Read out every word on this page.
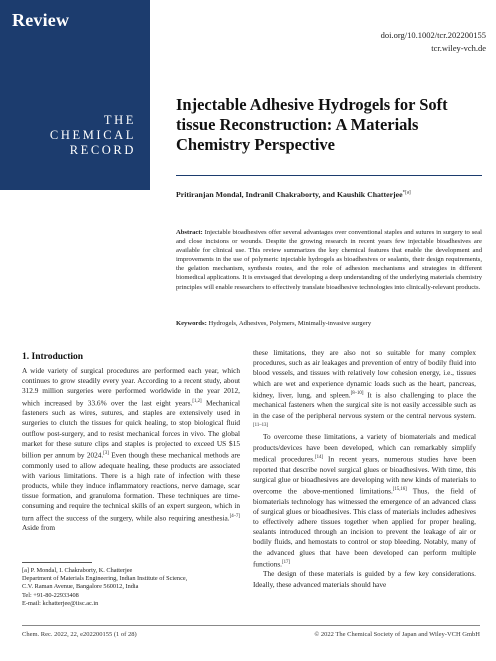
Review
THE
CHEMICAL
RECORD
doi.org/10.1002/tcr.202200155
tcr.wiley-vch.de
Injectable Adhesive Hydrogels for Soft tissue Reconstruction: A Materials Chemistry Perspective
Pritiranjan Mondal, Indranil Chakraborty, and Kaushik Chatterjee$^{*[a]}$
Abstract: Injectable bioadhesives offer several advantages over conventional staples and sutures in surgery to seal and close incisions or wounds. Despite the growing research in recent years few injectable bioadhesives are available for clinical use. This review summarizes the key chemical features that enable the development and improvements in the use of polymeric injectable hydrogels as bioadhesives or sealants, their design requirements, the gelation mechanism, synthesis routes, and the role of adhesion mechanisms and strategies in different biomedical applications. It is envisaged that developing a deep understanding of the underlying materials chemistry principles will enable researchers to effectively translate bioadhesive technologies into clinically-relevant products.
Keywords: Hydrogels, Adhesives, Polymers, Minimally-invasive surgery
1. Introduction

A wide variety of surgical procedures are performed each year, which continues to grow steadily every year. According to a recent study, about 312.9 million surgeries were performed worldwide in the year 2012, which increased by 33.6% over the last eight years.[1,2] Mechanical fasteners such as wires, sutures, and staples are extensively used in surgeries to clutch the tissues for quick healing, to stop biological fluid outflow post-surgery, and to resist mechanical forces in vivo. The global market for these suture clips and staples is projected to exceed US $15 billion per annum by 2024.[3] Even though these mechanical methods are commonly used to allow adequate healing, these products are associated with various limitations. There is a high rate of infection with these products, while they induce inflammatory reactions, nerve damage, scar tissue formation, and granuloma formation. These techniques are time-consuming and require the technical skills of an expert surgeon, which in turn affect the success of the surgery, while also requiring anesthesia.[4–7] Aside from

these limitations, they are also not so suitable for many complex procedures, such as air leakages and prevention of entry of bodily fluid into blood vessels, and tissues with relatively low cohesion energy, i.e., tissues which are wet and experience dynamic loads such as the heart, pancreas, kidney, liver, lung, and spleen.[8–10] It is also challenging to place the mechanical fasteners when the surgical site is not easily accessible such as in the case of the peripheral nervous system or the central nervous system.[11–13]

To overcome these limitations, a variety of biomaterials and medical products/devices have been developed, which can remarkably simplify medical procedures.[14] In recent years, numerous studies have been reported that describe novel surgical glues or bioadhesives. With time, this surgical glue or bioadhesives are developing with new kinds of materials to overcome the above-mentioned limitations.[15,16] Thus, the field of biomaterials technology has witnessed the emergence of an advanced class of surgical glues or bioadhesives. This class of materials includes adhesives to effectively adhere tissues together when applied for proper healing, sealants introduced through an incision to prevent the leakage of air or bodily fluids, and hemostats to control or stop bleeding. Notably, many of the advanced glues that have been developed can perform multiple functions.[17]

The design of these materials is guided by a few key considerations. Ideally, these advanced materials should have

[a] P. Mondal, I. Chakraborty, K. Chatterjee
Department of Materials Engineering, Indian Institute of Science,
C.V. Raman Avenue, Bangalore 560012, India
Tel: +91-80-22933408
E-mail: kchatterjee@iisc.ac.in
Chem. Rec. 2022, 22, e202200155 (1 of 28)	© 2022 The Chemical Society of Japan and Wiley-VCH GmbH
